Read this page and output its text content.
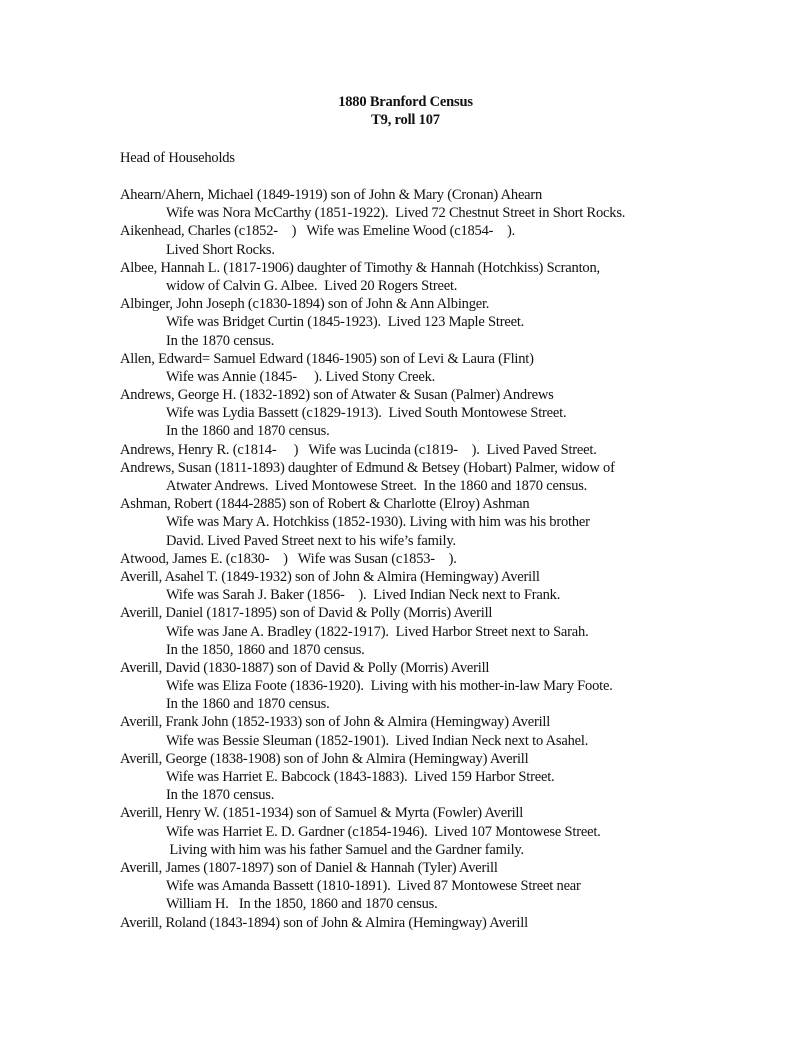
1880 Branford Census
T9, roll 107
Head of Households
Ahearn/Ahern, Michael (1849-1919) son of John & Mary (Cronan) Ahearn
Wife was Nora McCarthy (1851-1922).  Lived 72 Chestnut Street in Short Rocks.
Aikenhead, Charles (c1852-    )   Wife was Emeline Wood (c1854-    ).
Lived Short Rocks.
Albee, Hannah L. (1817-1906) daughter of Timothy & Hannah (Hotchkiss) Scranton,
widow of Calvin G. Albee.  Lived 20 Rogers Street.
Albinger, John Joseph (c1830-1894) son of John & Ann Albinger.
Wife was Bridget Curtin (1845-1923).  Lived 123 Maple Street.
In the 1870 census.
Allen, Edward= Samuel Edward (1846-1905) son of Levi & Laura (Flint)
Wife was Annie (1845-     ). Lived Stony Creek.
Andrews, George H. (1832-1892) son of Atwater & Susan (Palmer) Andrews
Wife was Lydia Bassett (c1829-1913).  Lived South Montowese Street.
In the 1860 and 1870 census.
Andrews, Henry R. (c1814-     )   Wife was Lucinda (c1819-    ).  Lived Paved Street.
Andrews, Susan (1811-1893) daughter of Edmund & Betsey (Hobart) Palmer, widow of
Atwater Andrews.  Lived Montowese Street.  In the 1860 and 1870 census.
Ashman, Robert (1844-2885) son of Robert & Charlotte (Elroy) Ashman
Wife was Mary A. Hotchkiss (1852-1930). Living with him was his brother
David. Lived Paved Street next to his wife’s family.
Atwood, James E. (c1830-    )   Wife was Susan (c1853-    ).
Averill, Asahel T. (1849-1932) son of John & Almira (Hemingway) Averill
Wife was Sarah J. Baker (1856-    ).  Lived Indian Neck next to Frank.
Averill, Daniel (1817-1895) son of David & Polly (Morris) Averill
Wife was Jane A. Bradley (1822-1917).  Lived Harbor Street next to Sarah.
In the 1850, 1860 and 1870 census.
Averill, David (1830-1887) son of David & Polly (Morris) Averill
Wife was Eliza Foote (1836-1920).  Living with his mother-in-law Mary Foote.
In the 1860 and 1870 census.
Averill, Frank John (1852-1933) son of John & Almira (Hemingway) Averill
Wife was Bessie Sleuman (1852-1901).  Lived Indian Neck next to Asahel.
Averill, George (1838-1908) son of John & Almira (Hemingway) Averill
Wife was Harriet E. Babcock (1843-1883).  Lived 159 Harbor Street.
In the 1870 census.
Averill, Henry W. (1851-1934) son of Samuel & Myrta (Fowler) Averill
Wife was Harriet E. D. Gardner (c1854-1946).  Lived 107 Montowese Street.
Living with him was his father Samuel and the Gardner family.
Averill, James (1807-1897) son of Daniel & Hannah (Tyler) Averill
Wife was Amanda Bassett (1810-1891).  Lived 87 Montowese Street near
William H.   In the 1850, 1860 and 1870 census.
Averill, Roland (1843-1894) son of John & Almira (Hemingway) Averill
